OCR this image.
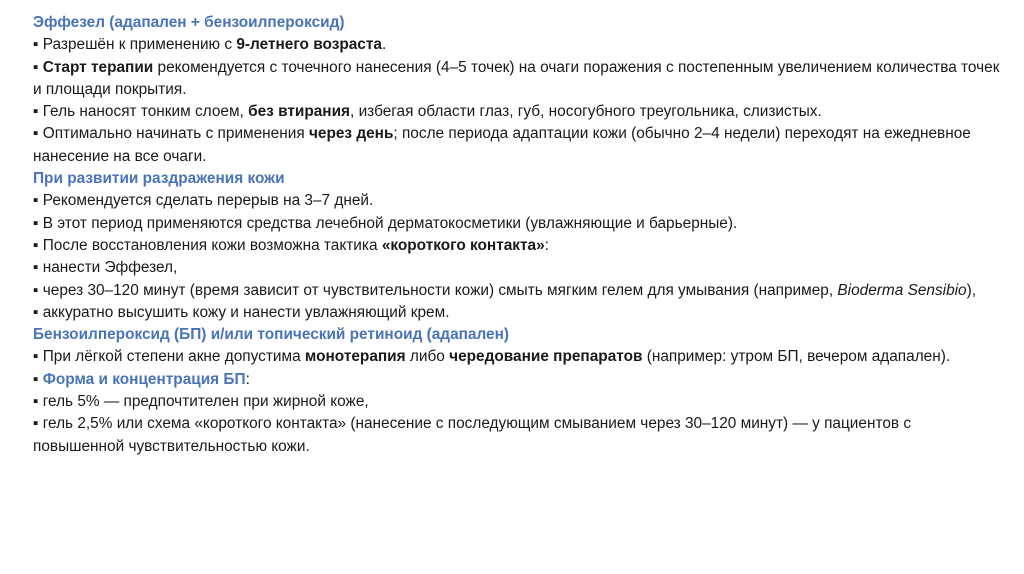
Эффезел (адапален + бензоилпероксид)
▪ Разрешён к применению с 9-летнего возраста.
▪ Старт терапии рекомендуется с точечного нанесения (4–5 точек) на очаги поражения с постепенным увеличением количества точек и площади покрытия.
▪ Гель наносят тонким слоем, без втирания, избегая области глаз, губ, носогубного треугольника, слизистых.
▪ Оптимально начинать с применения через день; после периода адаптации кожи (обычно 2–4 недели) переходят на ежедневное нанесение на все очаги.
При развитии раздражения кожи
▪ Рекомендуется сделать перерыв на 3–7 дней.
▪ В этот период применяются средства лечебной дерматокосметики (увлажняющие и барьерные).
▪ После восстановления кожи возможна тактика «короткого контакта»:
▪ нанести Эффезел,
▪ через 30–120 минут (время зависит от чувствительности кожи) смыть мягким гелем для умывания (например, Bioderma Sensibio),
▪ аккуратно высушить кожу и нанести увлажняющий крем.
Бензоилпероксид (БП) и/или топический ретиноид (адапален)
▪ При лёгкой степени акне допустима монотерапия либо чередование препаратов (например: утром БП, вечером адапален).
▪ Форма и концентрация БП:
▪ гель 5% — предпочтителен при жирной коже,
▪ гель 2,5% или схема «короткого контакта» (нанесение с последующим смыванием через 30–120 минут) — у пациентов с повышенной чувствительностью кожи.
